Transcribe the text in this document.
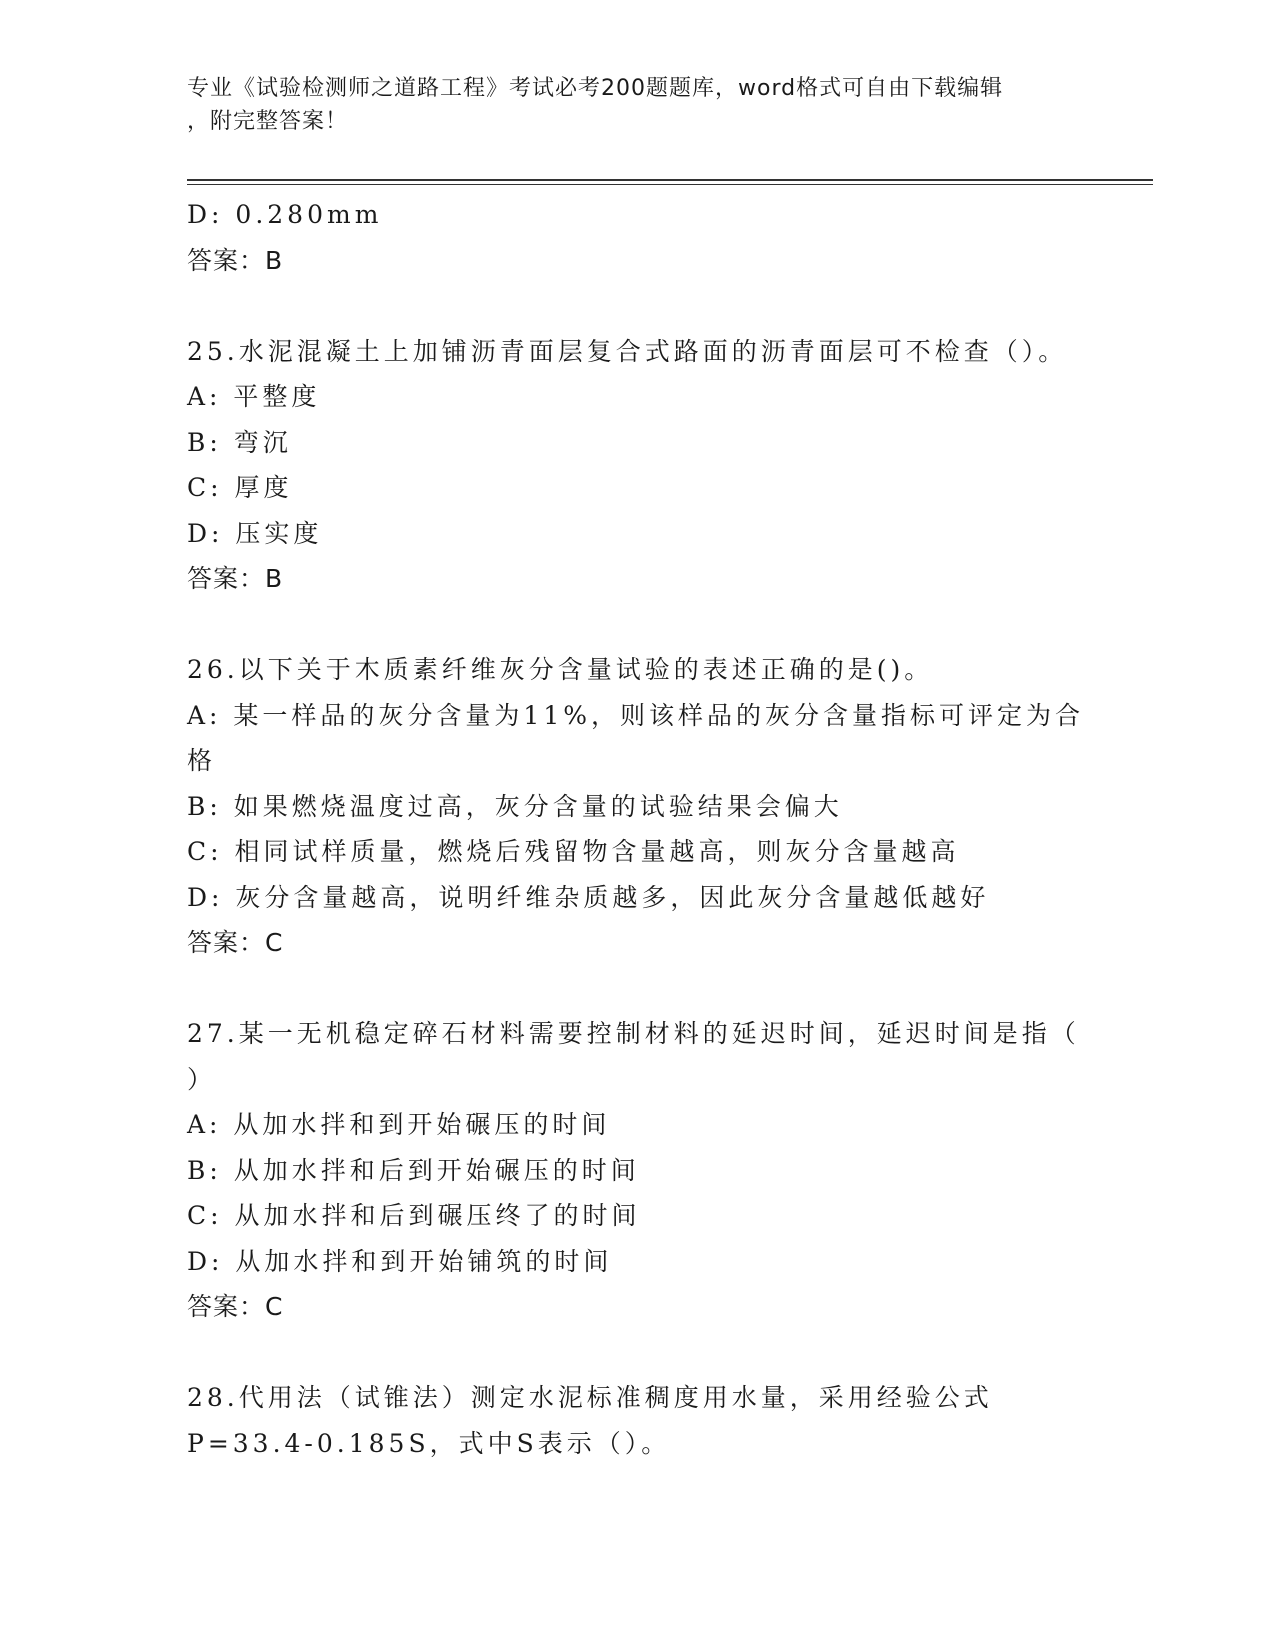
专业《试验检测师之道路工程》考试必考200题题库，word格式可自由下载编辑
，附完整答案！
D: 0.280mm
答案：B
25.水泥混凝土上加铺沥青面层复合式路面的沥青面层可不检查（）。
A: 平整度
B: 弯沉
C: 厚度
D: 压实度
答案：B
26.以下关于木质素纤维灰分含量试验的表述正确的是()。
A: 某一样品的灰分含量为11%，则该样品的灰分含量指标可评定为合
格
B: 如果燃烧温度过高，灰分含量的试验结果会偏大
C: 相同试样质量，燃烧后残留物含量越高，则灰分含量越高
D: 灰分含量越高，说明纤维杂质越多，因此灰分含量越低越好
答案：C
27.某一无机稳定碎石材料需要控制材料的延迟时间，延迟时间是指（
）
A: 从加水拌和到开始碾压的时间
B: 从加水拌和后到开始碾压的时间
C: 从加水拌和后到碾压终了的时间
D: 从加水拌和到开始铺筑的时间
答案：C
28.代用法（试锥法）测定水泥标准稠度用水量，采用经验公式
P=33.4-0.185S，式中S表示（）。
